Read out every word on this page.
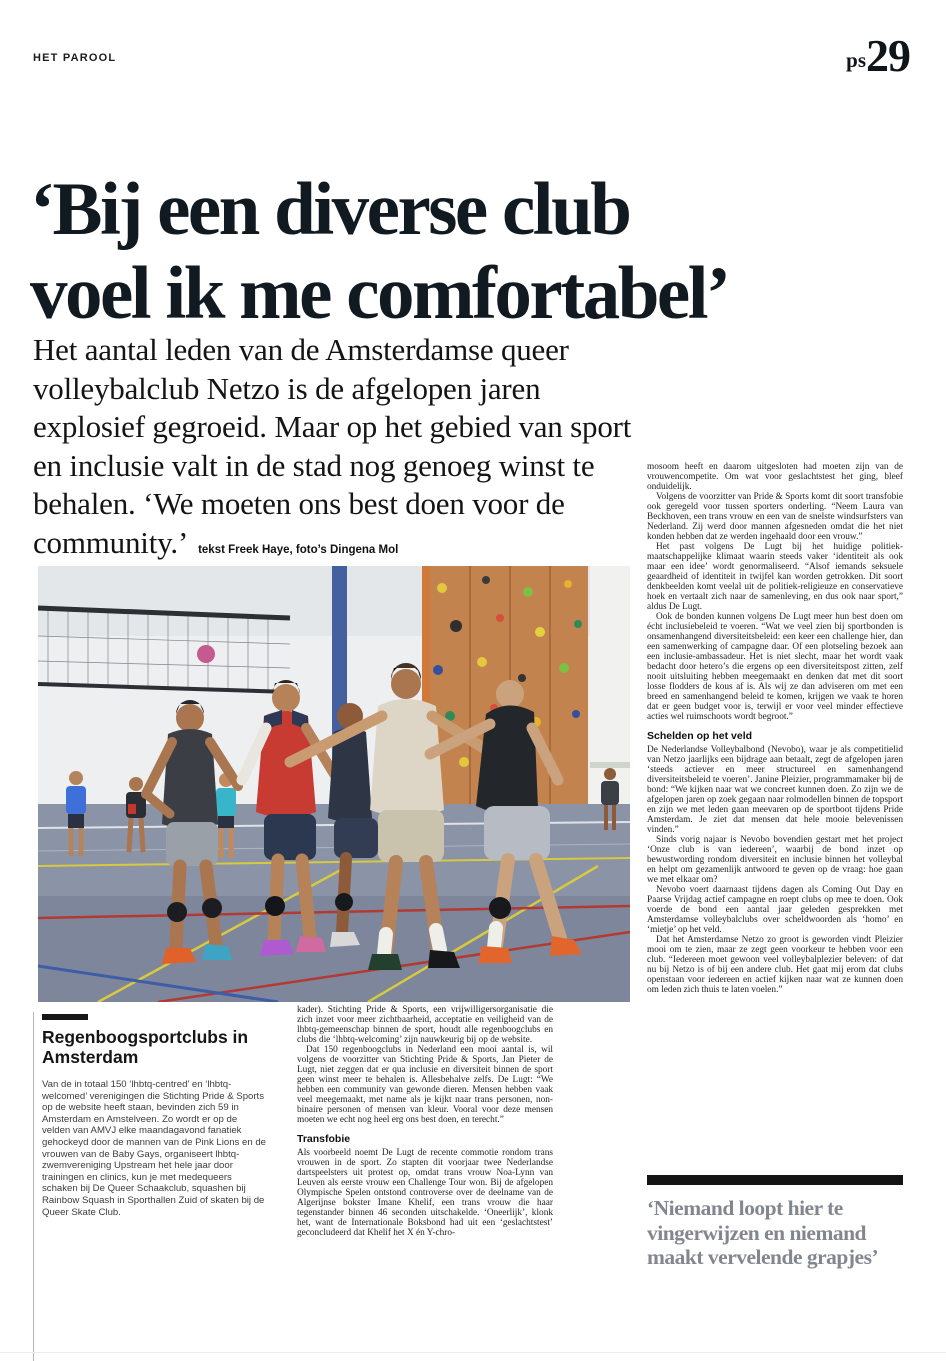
HET PAROOL	ps 29
‘Bij een diverse club
voel ik me comfortabel’

Het aantal leden van de Amsterdamse queer volleybalclub Netzo is de afgelopen jaren explosief gegroeid. Maar op het gebied van sport en inclusie valt in de stad nog genoeg winst te behalen. ‘We moeten ons best doen voor de community.’ tekst Freek Haye, foto’s Dingena Mol

kader). Stichting Pride & Sports, een vrijwilligersorganisatie die zich inzet voor meer zichtbaarheid, acceptatie en veiligheid van de lhbtq-gemeenschap binnen de sport, houdt alle regenboogclubs en clubs die ‘lhbtq-welcoming’ zijn nauwkeurig bij op de website.

Dat 150 regenboogclubs in Nederland een mooi aantal is, wil volgens de voorzitter van Stichting Pride & Sports, Jan Pieter de Lugt, niet zeggen dat er qua inclusie en diversiteit binnen de sport geen winst meer te behalen is. Allesbehalve zelfs. De Lugt: “We hebben een community van gewonde dieren. Mensen hebben vaak veel meegemaakt, met name als je kijkt naar trans personen, non-binaire personen of mensen van kleur. Vooral voor deze mensen moeten we echt nog heel erg ons best doen, en terecht.”

Transfobie

Als voorbeeld noemt De Lugt de recente commotie rondom trans vrouwen in de sport. Zo stapten dit voorjaar twee Nederlandse dartspeelsters uit protest op, omdat trans vrouw Noa-Lynn van Leuven als eerste vrouw een Challenge Tour won. Bij de afgelopen Olympische Spelen ontstond controverse over de deelname van de Algerijnse bokster Imane Khelif, een trans vrouw die haar tegenstander binnen 46 seconden uitschakelde. ‘Oneerlijk’, klonk het, want de Internationale Boksbond had uit een ‘geslachtstest’ geconcludeerd dat Khelif het X én Y-chro-

mosoom heeft en daarom uitgesloten had moeten zijn van de vrouwencompetite. Om wat voor geslachtstest het ging, bleef onduidelijk.

Volgens de voorzitter van Pride & Sports komt dit soort transfobie ook geregeld voor tussen sporters onderling. “Neem Laura van Beckhoven, een trans vrouw en een van de snelste windsurfsters van Nederland. Zij werd door mannen afgesneden omdat die het niet konden hebben dat ze werden ingehaald door een vrouw.”

Het past volgens De Lugt bij het huidige politiek-maatschappelijke klimaat waarin steeds vaker ‘identiteit als ook maar een idee’ wordt genormaliseerd. “Alsof iemands seksuele geaardheid of identiteit in twijfel kan worden getrokken. Dit soort denkbeelden komt veelal uit de politiek-religieuze en conservatieve hoek en vertaalt zich naar de samenleving, en dus ook naar sport,” aldus De Lugt.

Ook de bonden kunnen volgens De Lugt meer hun best doen om écht inclusiebeleid te voeren. “Wat we veel zien bij sportbonden is onsamenhangend diversiteitsbeleid: een keer een challenge hier, dan een samenwerking of campagne daar. Of een plotseling bezoek aan een inclusie-ambassadeur. Het is niet slecht, maar het wordt vaak bedacht door hetero’s die ergens op een diversiteitspost zitten, zelf nooit uitsluiting hebben meegemaakt en denken dat met dit soort losse flodders de kous af is. Als wij ze dan adviseren om met een breed en samenhangend beleid te komen, krijgen we vaak te horen dat er geen budget voor is, terwijl er voor veel minder effectieve acties wel ruimschoots wordt begroot.”

Schelden op het veld

De Nederlandse Volleybalbond (Nevobo), waar je als competitielid van Netzo jaarlijks een bijdrage aan betaalt, zegt de afgelopen jaren ‘steeds actiever en meer structureel en samenhangend diversiteitsbeleid te voeren’. Janine Pleizier, programmamaker bij de bond: “We kijken naar wat we concreet kunnen doen. Zo zijn we de afgelopen jaren op zoek gegaan naar rolmodellen binnen de topsport en zijn we met leden gaan meevaren op de sportboot tijdens Pride Amsterdam. Je ziet dat mensen dat hele mooie belevenissen vinden.”

Sinds vorig najaar is Nevobo bovendien gestart met het project ‘Onze club is van iedereen’, waarbij de bond inzet op bewustwording rondom diversiteit en inclusie binnen het volleybal en helpt om gezamenlijk antwoord te geven op de vraag: hoe gaan we met elkaar om?

Nevobo voert daarnaast tijdens dagen als Coming Out Day en Paarse Vrijdag actief campagne en roept clubs op mee te doen. Ook voerde de bond een aantal jaar geleden gesprekken met Amsterdamse volleybalclubs over scheldwoorden als ‘homo’ en ‘mietje’ op het veld.

Dat het Amsterdamse Netzo zo groot is geworden vindt Pleizier mooi om te zien, maar ze zegt geen voorkeur te hebben voor een club. “Iedereen moet gewoon veel volleybalplezier beleven: of dat nu bij Netzo is of bij een andere club. Het gaat mij erom dat clubs openstaan voor iedereen en actief kijken naar wat ze kunnen doen om leden zich thuis te laten voelen.”

‘Niemand loopt hier te vingerwijzen en niemand maakt vervelende grapjes’
Regenboogsportclubs in Amsterdam

Van de in totaal 150 ‘lhbtq-centred’ en ‘lhbtq-welcomed’ verenigingen die Stichting Pride & Sports op de website heeft staan, bevinden zich 59 in Amsterdam en Amstelveen. Zo wordt er op de velden van AMVJ elke maandagavond fanatiek gehockeyd door de mannen van de Pink Lions en de vrouwen van de Baby Gays, organiseert lhbtq-zwemvereniging Upstream het hele jaar door trainingen en clinics, kun je met medequeers schaken bij De Queer Schaakclub, squashen bij Rainbow Squash in Sporthallen Zuid of skaten bij de Queer Skate Club.
